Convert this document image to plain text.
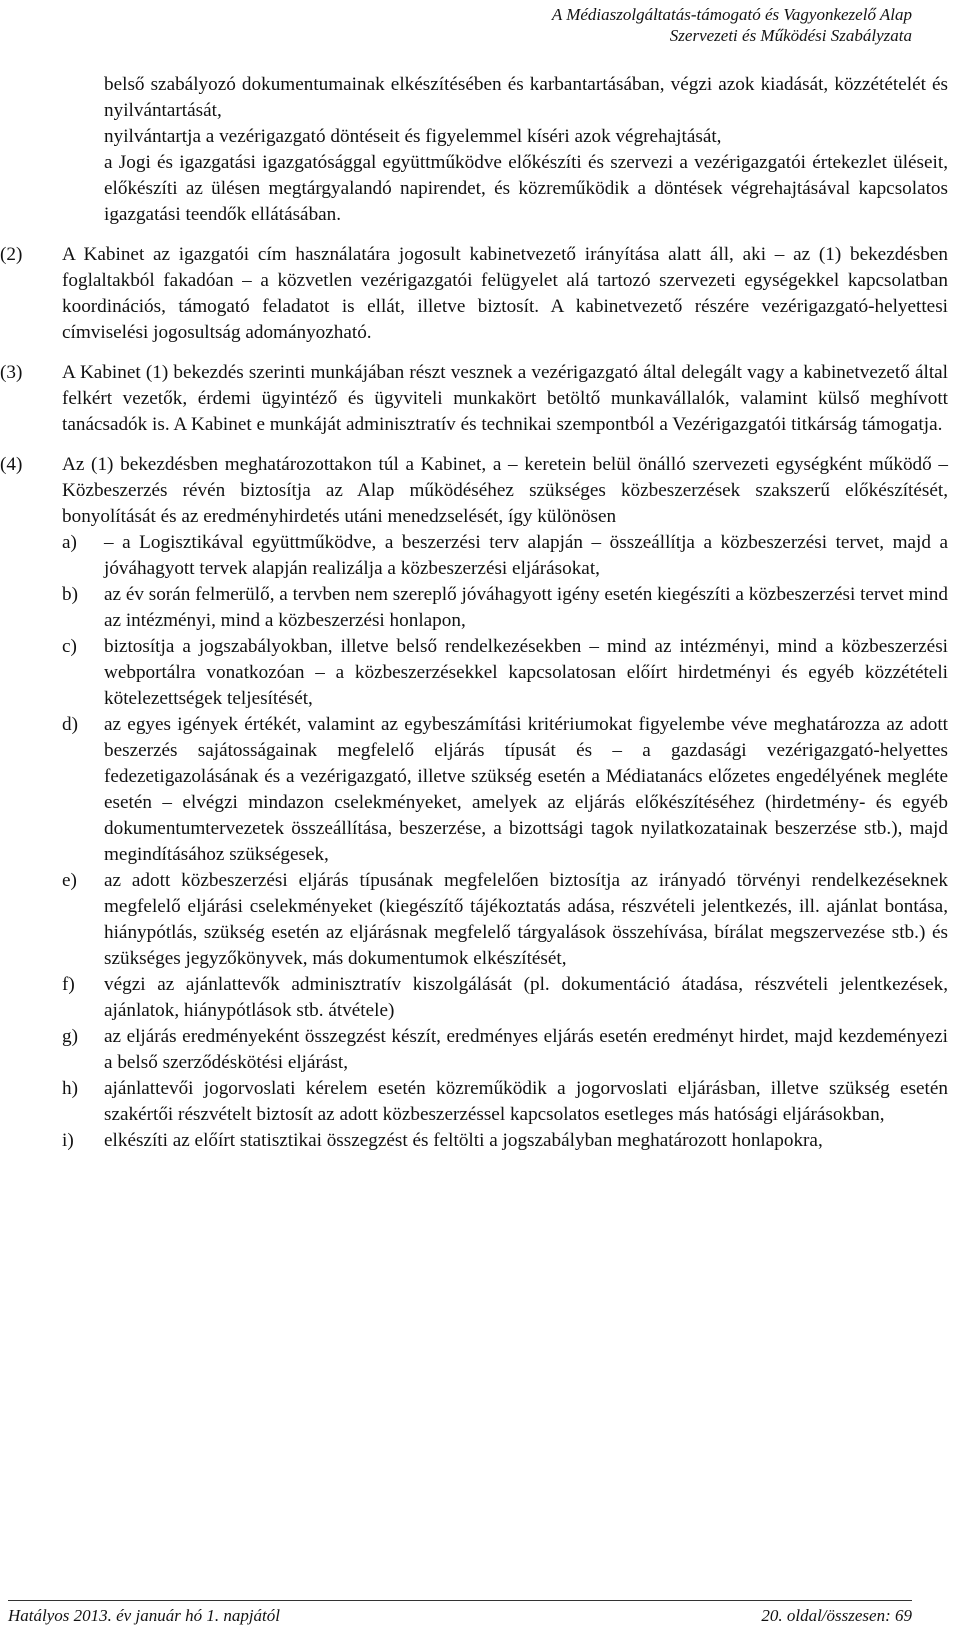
A Médiaszolgáltatás-támogató és Vagyonkezelő Alap
Szervezeti és Működési Szabályzata
belső szabályozó dokumentumainak elkészítésében és karbantartásában, végzi azok kiadását, közzétételét és nyilvántartását,
nyilvántartja a vezérigazgató döntéseit és figyelemmel kíséri azok végrehajtását,
a Jogi és igazgatási igazgatósággal együttműködve előkészíti és szervezi a vezérigazgatói értekezlet üléseit, előkészíti az ülésen megtárgyalandó napirendet, és közreműködik a döntések végrehajtásával kapcsolatos igazgatási teendők ellátásában.
(2) A Kabinet az igazgatói cím használatára jogosult kabinetvezető irányítása alatt áll, aki – az (1) bekezdésben foglaltakból fakadóan – a közvetlen vezérigazgatói felügyelet alá tartozó szervezeti egységekkel kapcsolatban koordinációs, támogató feladatot is ellát, illetve biztosít. A kabinetvezető részére vezérigazgató-helyettesi címviselési jogosultság adományozható.
(3) A Kabinet (1) bekezdés szerinti munkájában részt vesznek a vezérigazgató által delegált vagy a kabinetvezető által felkért vezetők, érdemi ügyintéző és ügyviteli munkakört betöltő munkavállalók, valamint külső meghívott tanácsadók is. A Kabinet e munkáját adminisztratív és technikai szempontból a Vezérigazgatói titkárság támogatja.
(4) Az (1) bekezdésben meghatározottakon túl a Kabinet, a – keretein belül önálló szervezeti egységként működő – Közbeszerzés révén biztosítja az Alap működéséhez szükséges közbeszerzések szakszerű előkészítését, bonyolítását és az eredményhirdetés utáni menedzselését, így különösen
a) – a Logisztikával együttműködve, a beszerzési terv alapján – összeállítja a közbeszerzési tervet, majd a jóváhagyott tervek alapján realizálja a közbeszerzési eljárásokat,
b) az év során felmerülő, a tervben nem szereplő jóváhagyott igény esetén kiegészíti a közbeszerzési tervet mind az intézményi, mind a közbeszerzési honlapon,
c) biztosítja a jogszabályokban, illetve belső rendelkezésekben – mind az intézményi, mind a közbeszerzési webportálra vonatkozóan – a közbeszerzésekkel kapcsolatosan előírt hirdetményi és egyéb közzétételi kötelezettségek teljesítését,
d) az egyes igények értékét, valamint az egybeszámítási kritériumokat figyelembe véve meghatározza az adott beszerzés sajátosságainak megfelelő eljárás típusát és – a gazdasági vezérigazgató-helyettes fedezetigazolásának és a vezérigazgató, illetve szükség esetén a Médiatanács előzetes engedélyének megléte esetén – elvégzi mindazon cselekményeket, amelyek az eljárás előkészítéséhez (hirdetmény- és egyéb dokumentumtervezetek összeállítása, beszerzése, a bizottsági tagok nyilatkozatainak beszerzése stb.), majd megindításához szükségesek,
e) az adott közbeszerzési eljárás típusának megfelelően biztosítja az irányadó törvényi rendelkezéseknek megfelelő eljárási cselekményeket (kiegészítő tájékoztatás adása, részvételi jelentkezés, ill. ajánlat bontása, hiánypótlás, szükség esetén az eljárásnak megfelelő tárgyalások összehívása, bírálat megszervezése stb.) és szükséges jegyzőkönyvek, más dokumentumok elkészítését,
f) végzi az ajánlattevők adminisztratív kiszolgálását (pl. dokumentáció átadása, részvételi jelentkezések, ajánlatok, hiánypótlások stb. átvétele)
g) az eljárás eredményeként összegzést készít, eredményes eljárás esetén eredményt hirdet, majd kezdeményezi a belső szerződéskötési eljárást,
h) ajánlattevői jogorvoslati kérelem esetén közreműködik a jogorvoslati eljárásban, illetve szükség esetén szakértői részvételt biztosít az adott közbeszerzéssel kapcsolatos esetleges más hatósági eljárásokban,
i) elkészíti az előírt statisztikai összegzést és feltölti a jogszabályban meghatározott honlapokra,
Hatályos 2013. év január hó 1. napjától	20. oldal/összesen: 69
